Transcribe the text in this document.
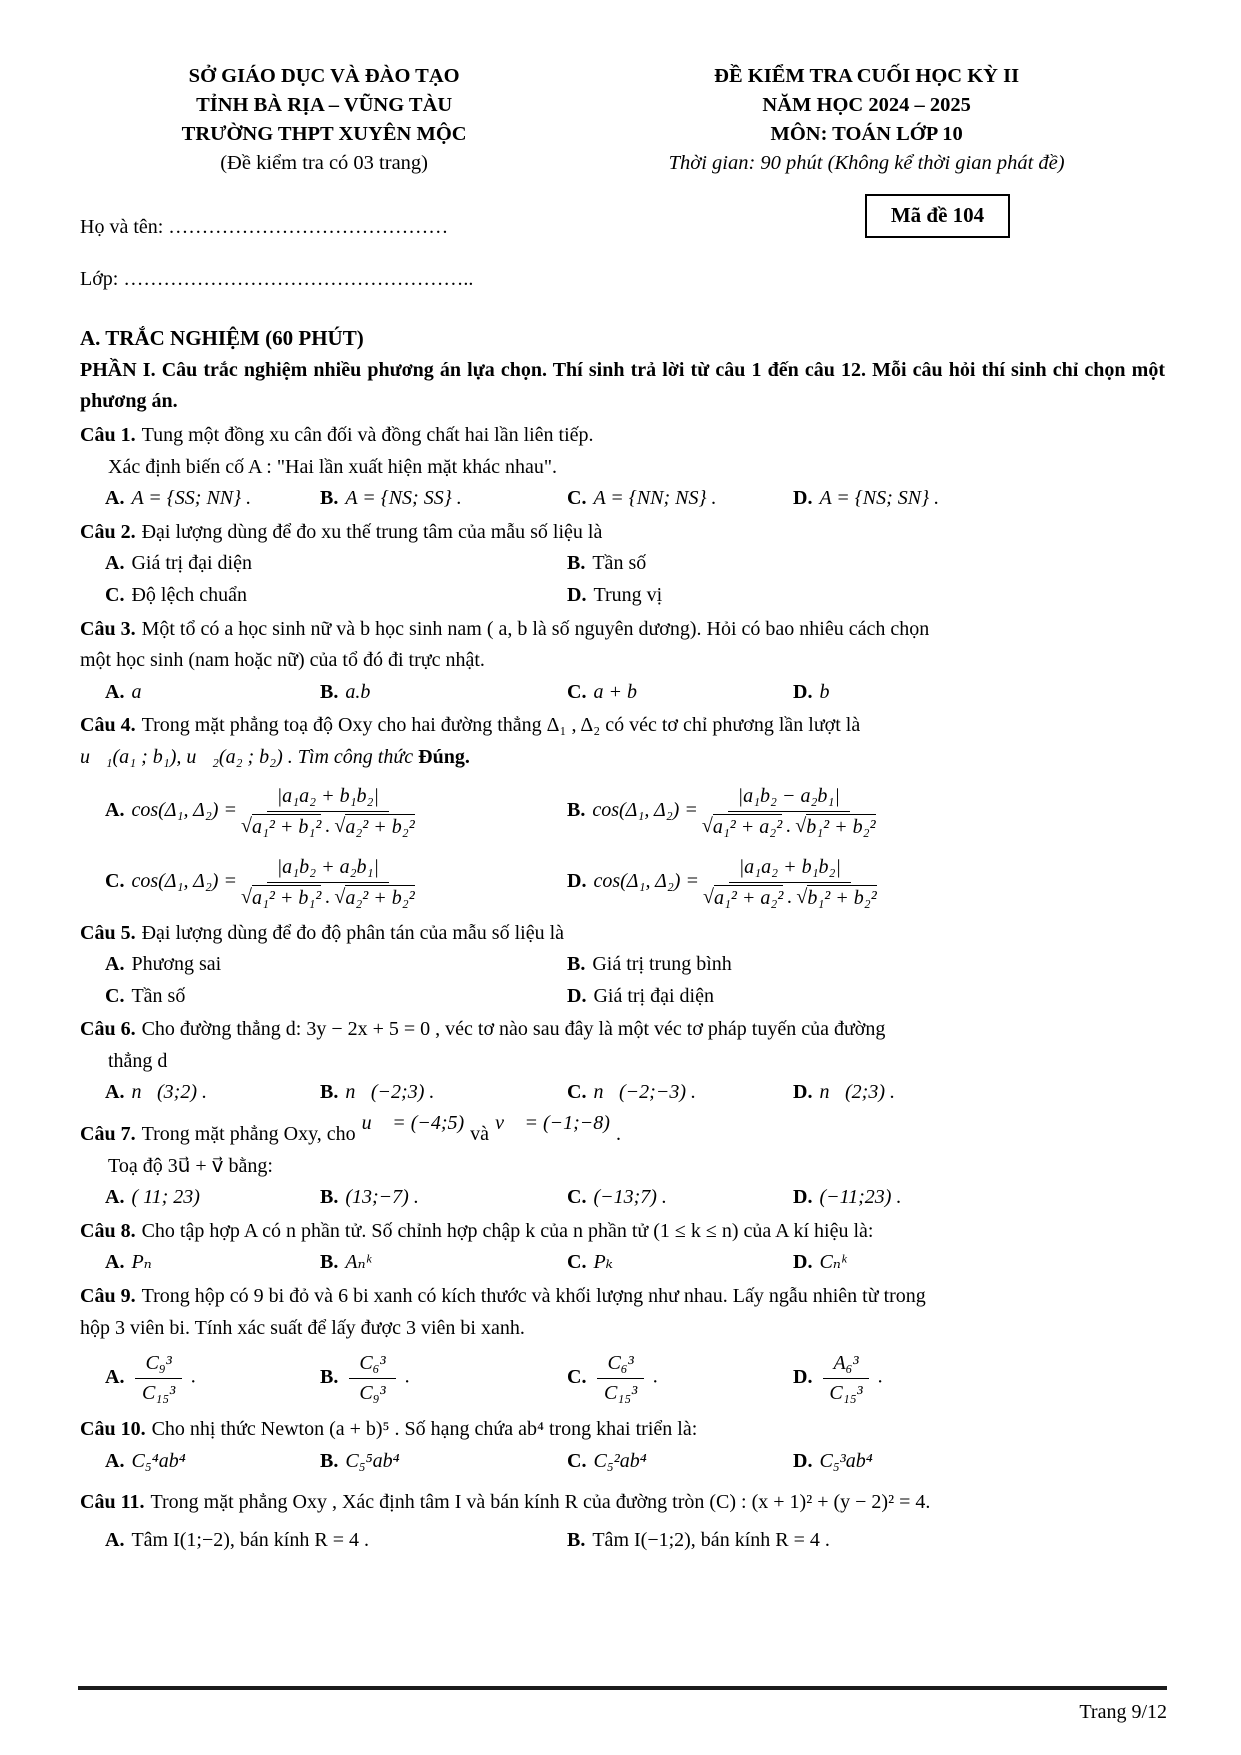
SỞ GIÁO DỤC VÀ ĐÀO TẠO
TỈNH BÀ RỊA – VŨNG TÀU
TRƯỜNG THPT XUYÊN MỘC
(Đề kiểm tra có 03 trang)
ĐỀ KIỂM TRA CUỐI HỌC KỲ II
NĂM HỌC 2024 – 2025
MÔN: TOÁN LỚP 10
Thời gian: 90 phút (Không kể thời gian phát đề)
Mã đề 104
Họ và tên: ……………………………………
Lớp: ……………………………………………..
A. TRẮC NGHIỆM (60 PHÚT)
PHẦN I. Câu trắc nghiệm nhiều phương án lựa chọn. Thí sinh trả lời từ câu 1 đến câu 12. Mỗi câu hỏi thí sinh chỉ chọn một phương án.
Câu 1. Tung một đồng xu cân đối và đồng chất hai lần liên tiếp.
Xác định biến cố A : "Hai lần xuất hiện mặt khác nhau".
A. A = {SS; NN} .	B. A = {NS; SS} .	C. A = {NN; NS} .	D. A = {NS; SN} .
Câu 2. Đại lượng dùng để đo xu thế trung tâm của mẫu số liệu là
A. Giá trị đại diện	B. Tần số
C. Độ lệch chuẩn	D. Trung vị
Câu 3. Một tổ có a học sinh nữ và b học sinh nam ( a, b là số nguyên dương). Hỏi có bao nhiêu cách chọn
một học sinh (nam hoặc nữ) của tổ đó đi trực nhật.
A. a	B. a.b	C. a + b	D. b
Câu 4. Trong mặt phẳng toạ độ Oxy cho hai đường thẳng Δ₁ , Δ₂ có véc tơ chỉ phương lần lượt là
u⃗₁(a₁ ; b₁), u⃗₂(a₂ ; b₂) . Tìm công thức Đúng.
A. cos(Δ₁, $\Delta_2) = \frac{\text{|a₁a₂ + b₁b₂|}}{\text{√ a₁² + b₁² . √ a₂² + b₂²}}$	B. cos(Δ₁, $\Delta_2) = \frac{\text{|a₁b₂ − a₂b₁|}}{\text{√ a₁² + a₂² . √ b₁² + b₂²}}$
C. cos(Δ₁, $\Delta_2) = \frac{\text{|a₁b₂ + a₂b₁|}}{\text{√ a₁² + b₁² . √ a₂² + b₂²}}$	D. cos(Δ₁, $\Delta_2) = \frac{\text{|a₁a₂ + b₁b₂|}}{\text{√ a₁² + a₂² . √ b₁² + b₂²}}$
Câu 5. Đại lượng dùng để đo độ phân tán của mẫu số liệu là
A. Phương sai	B. Giá trị trung bình
C. Tần số	D. Giá trị đại diện
Câu 6. Cho đường thẳng d: 3y − 2x + 5 = 0 , véc tơ nào sau đây là một véc tơ pháp tuyến của đường
thẳng d
A. n⃗(3;2) .	B. n⃗(−2;3) .	C. n⃗(−2;−3) .	D. n⃗(2;3) .
Câu 7. Trong mặt phẳng Oxy, cho u⃗ = (−4;5) và v⃗ = (−1;−8) .
Toạ độ 3u⃗ + v⃗ bằng:
A. ( 11; 23)	B. (13;−7) .	C. (−13;7) .	D. (−11;23) .
Câu 8. Cho tập hợp A có n phần tử. Số chỉnh hợp chập k của n phần tử (1 ≤ k ≤ n) của A kí hiệu là:
A. Pₙ	B. Aₙᵏ	C. Pₖ	D. Cₙᵏ
Câu 9. Trong hộp có 9 bi đỏ và 6 bi xanh có kích thước và khối lượng như nhau. Lấy ngẫu nhiên từ trong
hộp 3 viên bi. Tính xác suất để lấy được 3 viên bi xanh.
A. $\frac{\text{C₉³}}{\text{C₁₅³}}$ .	B. $\frac{\text{C₆³}}{\text{C₉³}}$ .	C. $\frac{\text{C₆³}}{\text{C₁₅³}}$ .	D. $\frac{\text{A₆³}}{\text{C₁₅³}}$ .
Câu 10. Cho nhị thức Newton (a + b)⁵ . Số hạng chứa ab⁴ trong khai triển là:
A. C₅⁴ab⁴	B. C₅⁵ab⁴	C. C₅²ab⁴	D. C₅³ab⁴
Câu 11. Trong mặt phẳng Oxy , Xác định tâm I và bán kính R của đường tròn (C) : (x + 1)² + (y − 2)² = 4.
A. Tâm I(1;−2), bán kính R = 4 .	B. Tâm I(−1;2), bán kính R = 4 .
Trang 9/12
